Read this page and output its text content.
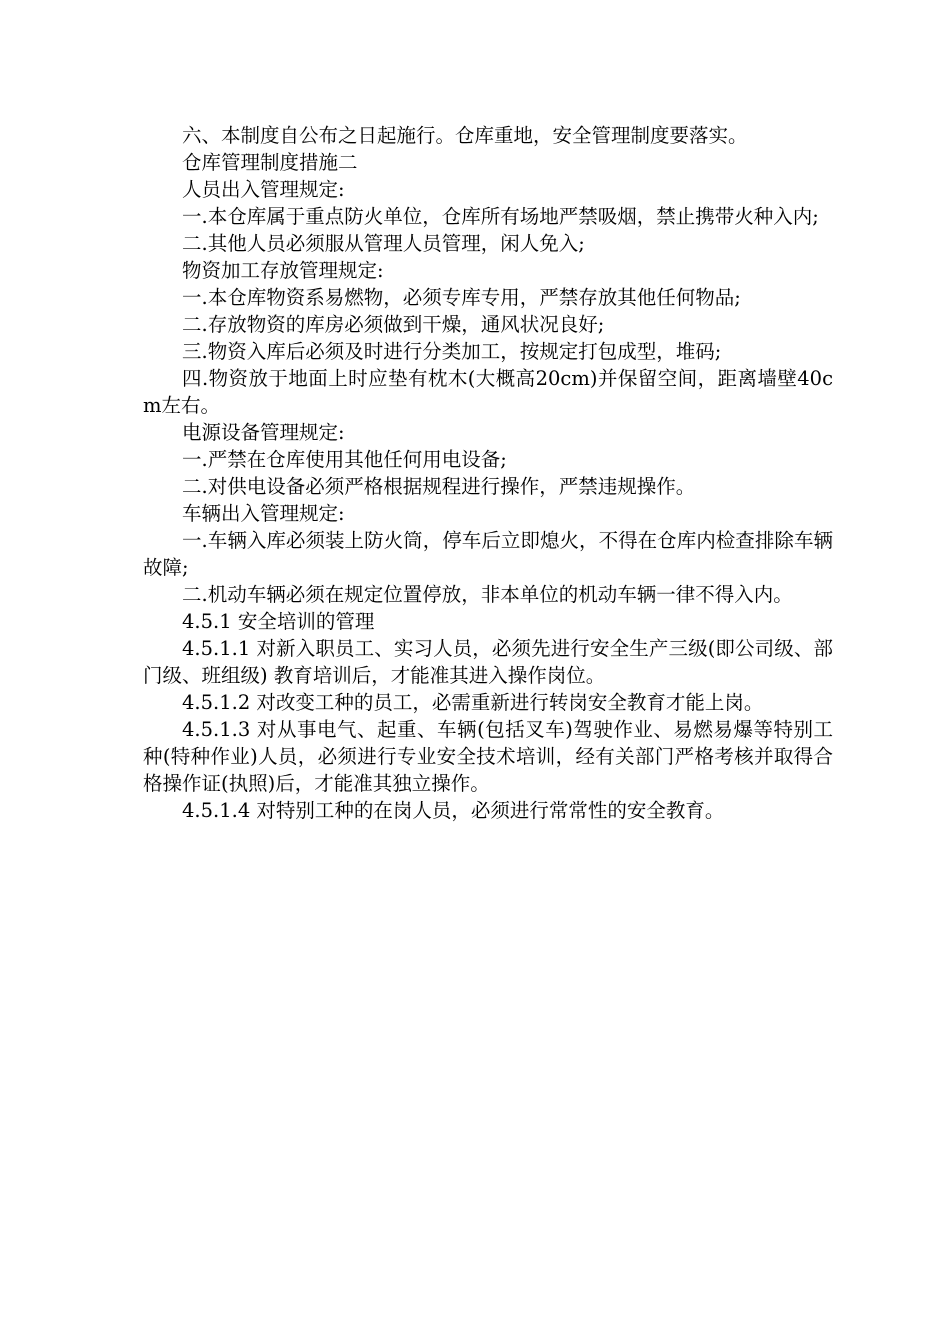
六、本制度自公布之日起施行。仓库重地，安全管理制度要落实。

仓库管理制度措施二

人员出入管理规定:

一.本仓库属于重点防火单位，仓库所有场地严禁吸烟，禁止携带火种入内;

二.其他人员必须服从管理人员管理，闲人免入;

物资加工存放管理规定:

一.本仓库物资系易燃物，必须专库专用，严禁存放其他任何物品;

二.存放物资的库房必须做到干燥，通风状况良好;

三.物资入库后必须及时进行分类加工，按规定打包成型，堆码;

四.物资放于地面上时应垫有枕木(大概高20cm)并保留空间，距离墙壁40cm左右。

电源设备管理规定:

一.严禁在仓库使用其他任何用电设备;

二.对供电设备必须严格根据规程进行操作，严禁违规操作。

车辆出入管理规定:

一.车辆入库必须装上防火筒，停车后立即熄火，不得在仓库内检查排除车辆故障;

二.机动车辆必须在规定位置停放，非本单位的机动车辆一律不得入内。

4.5.1 安全培训的管理

4.5.1.1 对新入职员工、实习人员，必须先进行安全生产三级(即公司级、部门级、班组级) 教育培训后，才能准其进入操作岗位。

4.5.1.2 对改变工种的员工，必需重新进行转岗安全教育才能上岗。

4.5.1.3 对从事电气、起重、车辆(包括叉车)驾驶作业、易燃易爆等特别工种(特种作业)人员，必须进行专业安全技术培训，经有关部门严格考核并取得合格操作证(执照)后，才能准其独立操作。

4.5.1.4 对特别工种的在岗人员，必须进行常常性的安全教育。
